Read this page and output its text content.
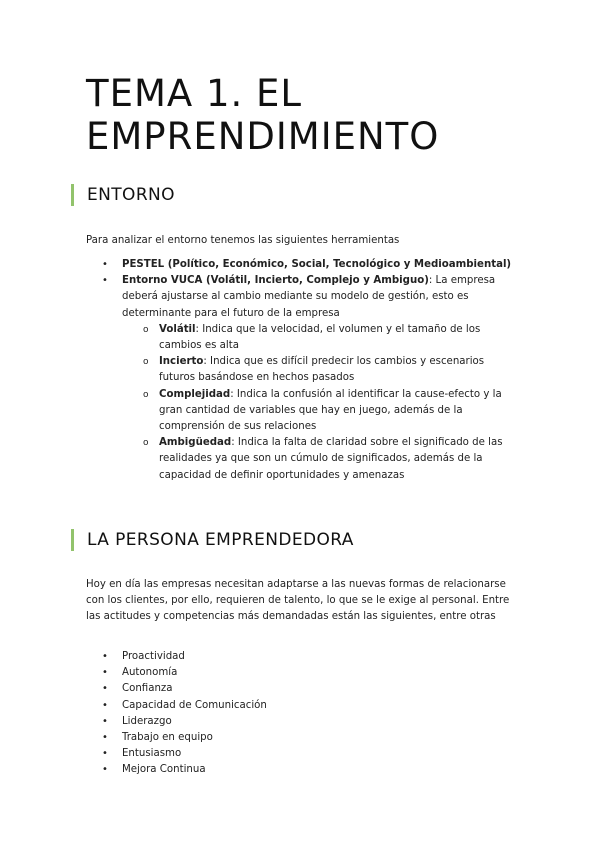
TEMA 1. EL EMPRENDIMIENTO
ENTORNO

Para analizar el entorno tenemos las siguientes herramientas

• PESTEL (Político, Económico, Social, Tecnológico y Medioambiental)
• Entorno VUCA (Volátil, Incierto, Complejo y Ambiguo): La empresa deberá ajustarse al cambio mediante su modelo de gestión, esto es determinante para el futuro de la empresa
o Volátil: Indica que la velocidad, el volumen y el tamaño de los cambios es alta
o Incierto: Indica que es difícil predecir los cambios y escenarios futuros basándose en hechos pasados
o Complejidad: Indica la confusión al identificar la cause-efecto y la gran cantidad de variables que hay en juego, además de la comprensión de sus relaciones
o Ambigüedad: Indica la falta de claridad sobre el significado de las realidades ya que son un cúmulo de significados, además de la capacidad de definir oportunidades y amenazas
LA PERSONA EMPRENDEDORA

Hoy en día las empresas necesitan adaptarse a las nuevas formas de relacionarse con los clientes, por ello, requieren de talento, lo que se le exige al personal. Entre las actitudes y competencias más demandadas están las siguientes, entre otras

• Proactividad
• Autonomía
• Confianza
• Capacidad de Comunicación
• Liderazgo
• Trabajo en equipo
• Entusiasmo
• Mejora Continua
